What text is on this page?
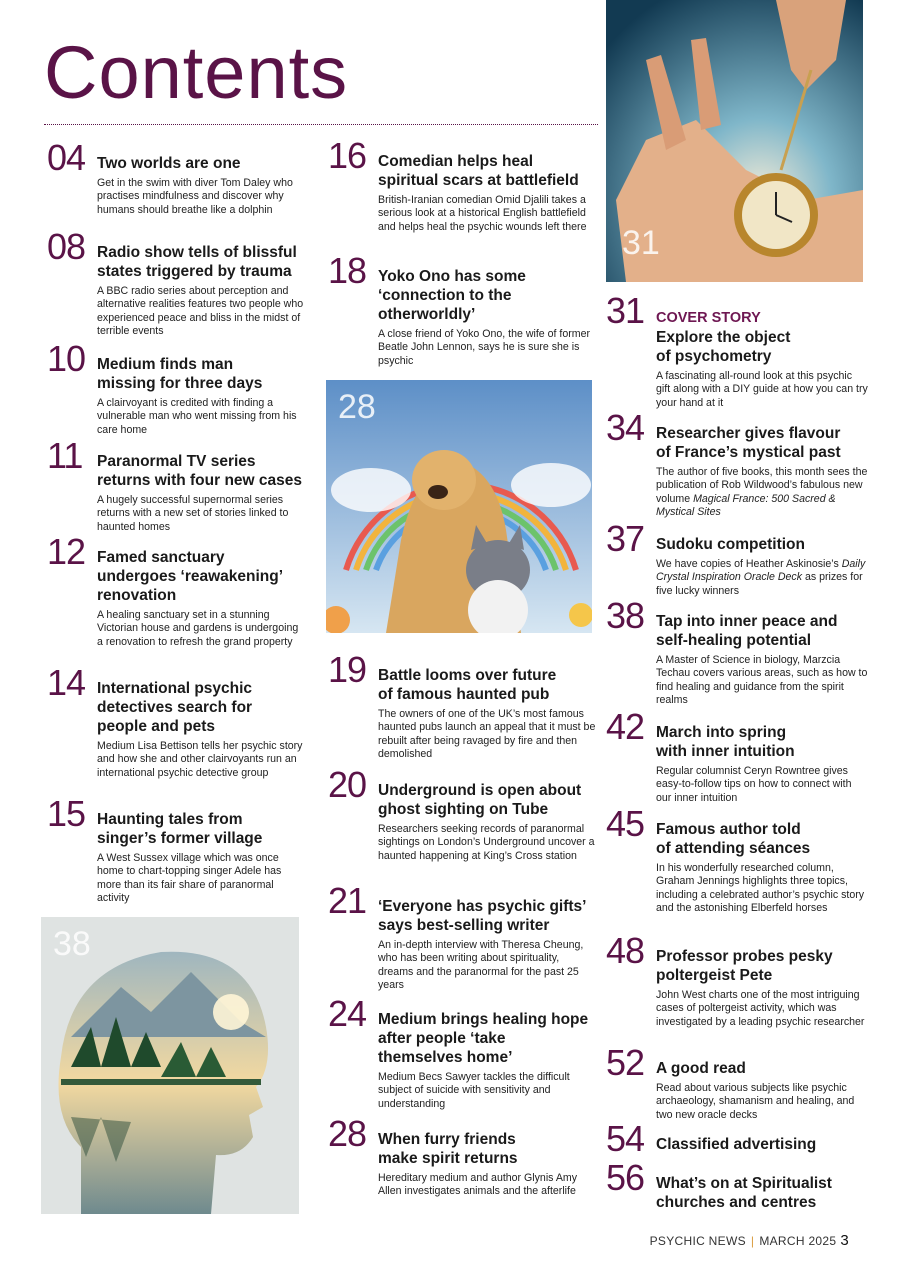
Contents
04 Two worlds are one

Get in the swim with diver Tom Daley who practises mindfulness and discover why humans should breathe like a dolphin

08 Radio show tells of blissful
states triggered by trauma

A BBC radio series about perception and alternative realities features two people who experienced peace and bliss in the midst of terrible events

10 Medium finds man
missing for three days

A clairvoyant is credited with finding a vulnerable man who went missing from his care home

11 Paranormal TV series
returns with four new cases

A hugely successful supernormal series returns with a new set of stories linked to haunted homes

12 Famed sanctuary
undergoes ‘reawakening’
renovation

A healing sanctuary set in a stunning Victorian house and gardens is undergoing a renovation to refresh the grand property

14 International psychic
detectives search for
people and pets

Medium Lisa Bettison tells her psychic story and how she and other clairvoyants run an international psychic detective group

15 Haunting tales from
singer’s former village

A West Sussex village which was once home to chart-topping singer Adele has more than its fair share of paranormal activity

16 Comedian helps heal
spiritual scars at battlefield

British-Iranian comedian Omid Djalili takes a serious look at a historical English battlefield and helps heal the psychic wounds left there

18 Yoko Ono has some
‘connection to the
otherworldly’

A close friend of Yoko Ono, the wife of former Beatle John Lennon, says he is sure she is psychic

19 Battle looms over future
of famous haunted pub

The owners of one of the UK’s most famous haunted pubs launch an appeal that it must be rebuilt after being ravaged by fire and then demolished

20 Underground is open about
ghost sighting on Tube

Researchers seeking records of paranormal sightings on London’s Underground uncover a haunted happening at King’s Cross station

21 ‘Everyone has psychic gifts’
says best-selling writer

An in-depth interview with Theresa Cheung, who has been writing about spirituality, dreams and the paranormal for the past 25 years

24 Medium brings healing hope
after people ‘take
themselves home’

Medium Becs Sawyer tackles the difficult subject of suicide with sensitivity and understanding

28 When furry friends
make spirit returns

Hereditary medium and author Glynis Amy Allen investigates animals and the afterlife

31 COVER STORY
Explore the object
of psychometry

A fascinating all-round look at this psychic gift along with a DIY guide at how you can try your hand at it

34 Researcher gives flavour
of France’s mystical past

The author of five books, this month sees the publication of Rob Wildwood’s fabulous new volume Magical France: 500 Sacred & Mystical Sites

37 Sudoku competition

We have copies of Heather Askinosie’s Daily Crystal Inspiration Oracle Deck as prizes for five lucky winners

38 Tap into inner peace and
self-healing potential

A Master of Science in biology, Marzcia Techau covers various areas, such as how to find healing and guidance from the spirit realms

42 March into spring
with inner intuition

Regular columnist Ceryn Rowntree gives easy-to-follow tips on how to connect with our inner intuition

45 Famous author told
of attending séances

In his wonderfully researched column, Graham Jennings highlights three topics, including a celebrated author’s psychic story and the astonishing Elberfeld horses

48 Professor probes pesky
poltergeist Pete

John West charts one of the most intriguing cases of poltergeist activity, which was investigated by a leading psychic researcher

52 A good read

Read about various subjects like psychic archaeology, shamanism and healing, and two new oracle decks

54 Classified advertising
56 What’s on at Spiritualist
churches and centres
31
28
38
PSYCHIC NEWS | MARCH 2025 3
